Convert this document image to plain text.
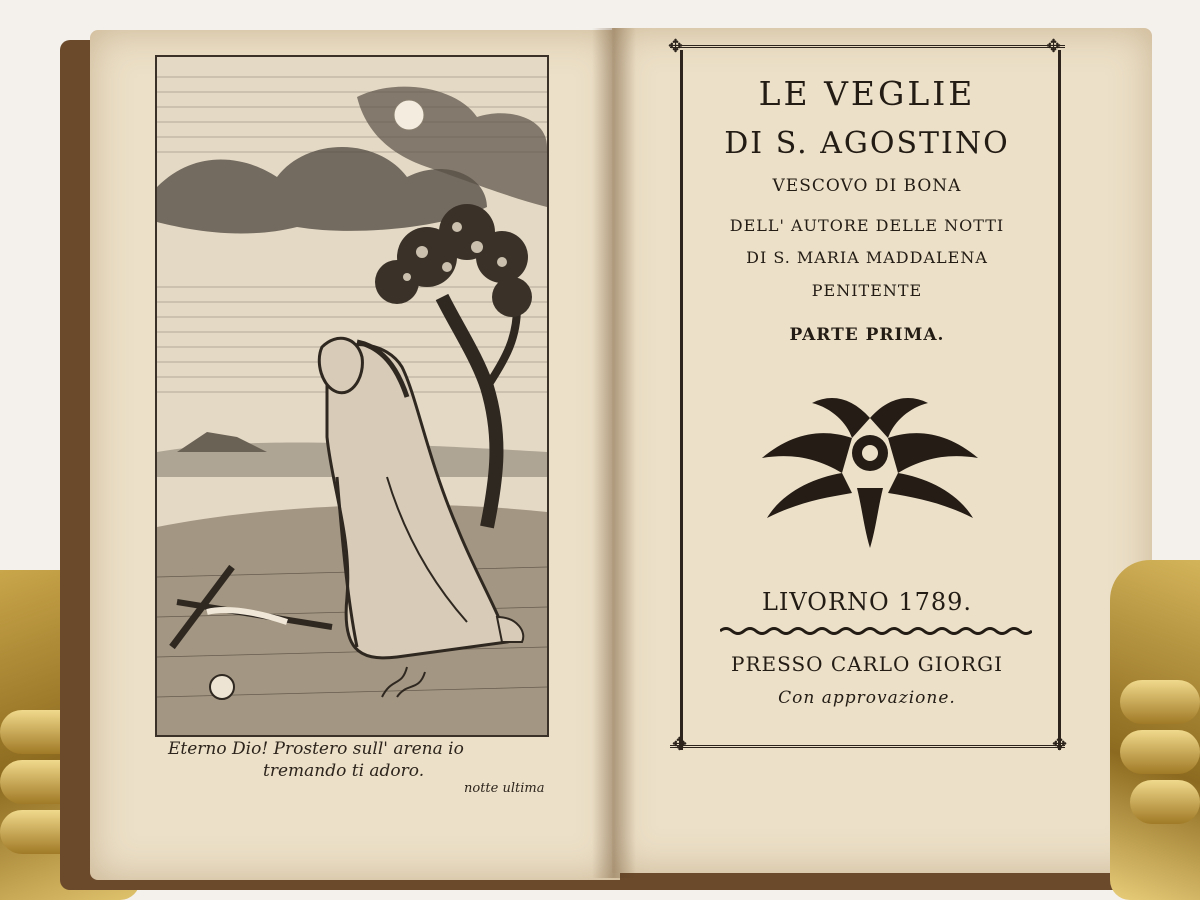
Eterno Dio! Prostero sull' arena io
tremando ti adoro.
notte ultima
✥	✥
✥	✥
LE VEGLIE
DI S. AGOSTINO
VESCOVO DI BONA
DELL' AUTORE DELLE NOTTI
DI S. MARIA MADDALENA
PENITENTE
PARTE PRIMA.
LIVORNO 1789.
PRESSO CARLO GIORGI
Con approvazione.
